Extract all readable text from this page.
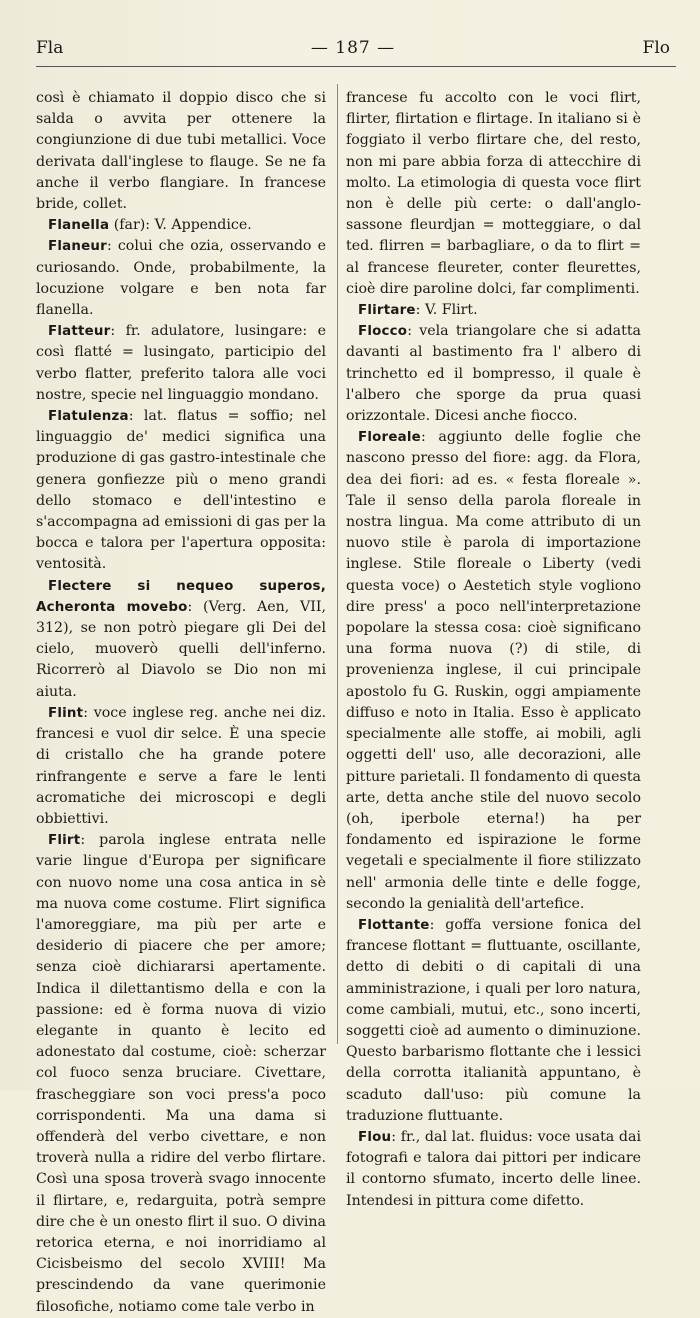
Fla	— 187 —	Flo

così è chiamato il doppio disco che si salda o avvita per ottenere la congiunzione di due tubi metallici. Voce derivata dall'inglese to flauge. Se ne fa anche il verbo flangiare. In francese bride, collet.

Flanella (far): V. Appendice.

Flaneur: colui che ozia, osservando e curiosando. Onde, probabilmente, la locuzione volgare e ben nota far flanella.

Flatteur: fr. adulatore, lusingare: e così flatté = lusingato, participio del verbo flatter, preferito talora alle voci nostre, specie nel linguaggio mondano.

Flatulenza: lat. flatus = soffio; nel linguaggio de' medici significa una produzione di gas gastro-intestinale che genera gonfiezze più o meno grandi dello stomaco e dell'intestino e s'accompagna ad emissioni di gas per la bocca e talora per l'apertura opposita: ventosità.

Flectere si nequeo superos, Acheronta movebo: (Verg. Aen, VII, 312), se non potrò piegare gli Dei del cielo, muoverò quelli dell'inferno. Ricorrerò al Diavolo se Dio non mi aiuta.

Flint: voce inglese reg. anche nei diz. francesi e vuol dir selce. È una specie di cristallo che ha grande potere rinfrangente e serve a fare le lenti acromatiche dei microscopi e degli obbiettivi.

Flirt: parola inglese entrata nelle varie lingue d'Europa per significare con nuovo nome una cosa antica in sè ma nuova come costume. Flirt significa l'amoreggiare, ma più per arte e desiderio di piacere che per amore; senza cioè dichiararsi apertamente. Indica il dilettantismo della e con la passione: ed è forma nuova di vizio elegante in quanto è lecito ed adonestato dal costume, cioè: scherzar col fuoco senza bruciare. Civettare, frascheggiare son voci press'a poco corrispondenti. Ma una dama si offenderà del verbo civettare, e non troverà nulla a ridire del verbo flirtare. Così una sposa troverà svago innocente il flirtare, e, redarguita, potrà sempre dire che è un onesto flirt il suo. O divina retorica eterna, e noi inorridiamo al Cicisbeismo del secolo XVIII! Ma prescindendo da vane querimonie filosofiche, notiamo come tale verbo in

francese fu accolto con le voci flirt, flirter, flirtation e flirtage. In italiano si è foggiato il verbo flirtare che, del resto, non mi pare abbia forza di attecchire di molto. La etimologia di questa voce flirt non è delle più certe: o dall'anglo-sassone fleurdjan = motteggiare, o dal ted. flirren = barbagliare, o da to flirt = al francese fleureter, conter fleurettes, cioè dire paroline dolci, far complimenti.

Flirtare: V. Flirt.

Flocco: vela triangolare che si adatta davanti al bastimento fra l' albero di trinchetto ed il bompresso, il quale è l'albero che sporge da prua quasi orizzontale. Dicesi anche fiocco.

Floreale: aggiunto delle foglie che nascono presso del fiore: agg. da Flora, dea dei fiori: ad es. « festa floreale ». Tale il senso della parola floreale in nostra lingua. Ma come attributo di un nuovo stile è parola di importazione inglese. Stile floreale o Liberty (vedi questa voce) o Aestetich style vogliono dire press' a poco nell'interpretazione popolare la stessa cosa: cioè significano una forma nuova (?) di stile, di provenienza inglese, il cui principale apostolo fu G. Ruskin, oggi ampiamente diffuso e noto in Italia. Esso è applicato specialmente alle stoffe, ai mobili, agli oggetti dell' uso, alle decorazioni, alle pitture parietali. Il fondamento di questa arte, detta anche stile del nuovo secolo (oh, iperbole eterna!) ha per fondamento ed ispirazione le forme vegetali e specialmente il fiore stilizzato nell' armonia delle tinte e delle fogge, secondo la genialità dell'artefice.

Flottante: goffa versione fonica del francese flottant = fluttuante, oscillante, detto di debiti o di capitali di una amministrazione, i quali per loro natura, come cambiali, mutui, etc., sono incerti, soggetti cioè ad aumento o diminuzione. Questo barbarismo flottante che i lessici della corrotta italianità appuntano, è scaduto dall'uso: più comune la traduzione fluttuante.

Flou: fr., dal lat. fluidus: voce usata dai fotografi e talora dai pittori per indicare il contorno sfumato, incerto delle linee. Intendesi in pittura come difetto.
